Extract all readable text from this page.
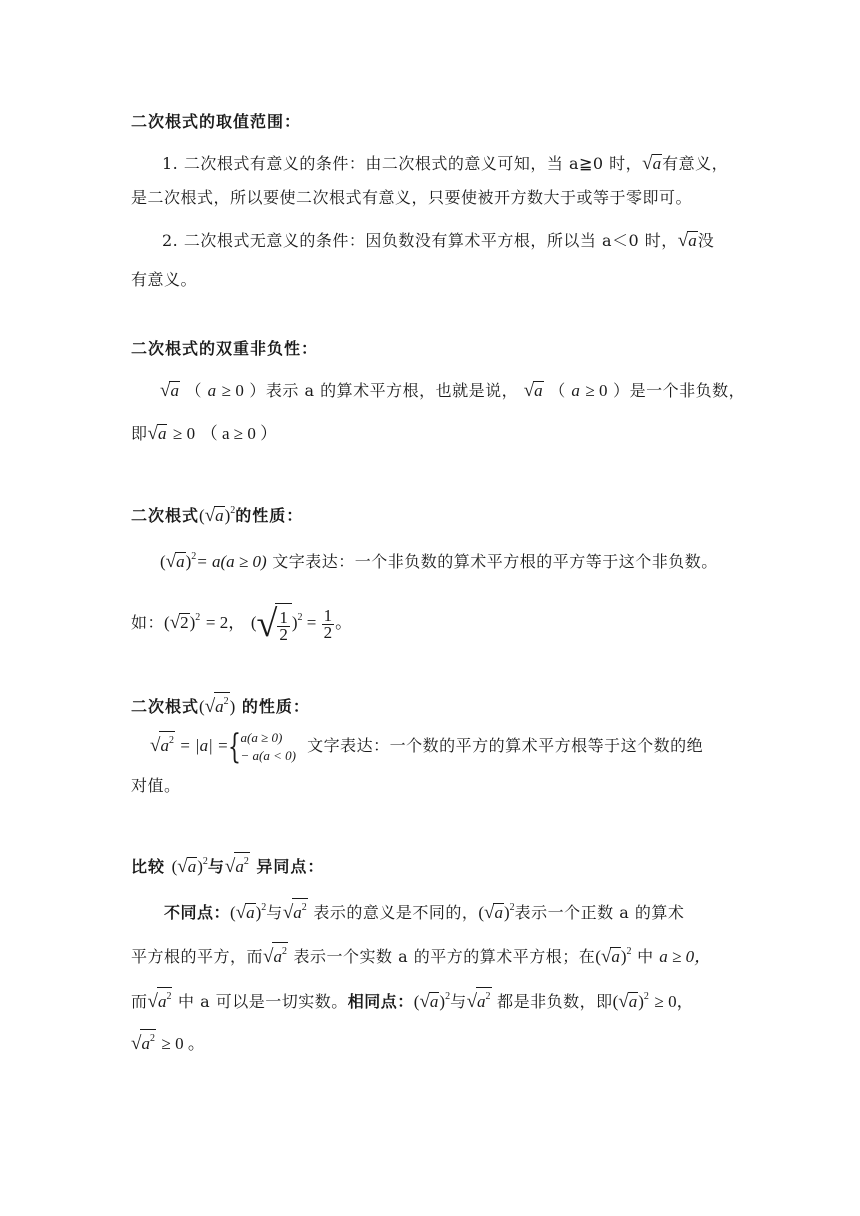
二次根式的取值范围：
1. 二次根式有意义的条件：由二次根式的意义可知，当 a≧0 时，√a有意义，
是二次根式，所以要使二次根式有意义，只要使被开方数大于或等于零即可。
2. 二次根式无意义的条件：因负数没有算术平方根，所以当 a＜0 时，√a没
有意义。
二次根式的双重非负性：
√a （ a ≥ 0 ）表示 a 的算术平方根，也就是说， √a （ a ≥ 0 ）是一个非负数，
即√a ≥ 0 （ a ≥ 0 ）
二次根式$(√a)^2$的性质：
$(√a)^2= a(a \ge 0)$ 文字表达：一个非负数的算术平方根的平方等于这个非负数。
如：$(√2)^2 = 2$， (√ $\frac{1}{2} )^2 = \frac{1}{2}$ 。
二次根式$(√a^2)$ 的性质：
$√a^2 = |a|$ = { a(a ≥ 0)
− a(a < 0) 文字表达：一个数的平方的算术平方根等于这个数的绝
对值。
比较 $(√a)^2$与$√a^2$ 异同点：
不同点：$(√a)^2$与$√a^2$ 表示的意义是不同的，$(√a)^2$表示一个正数 a 的算术
平方根的平方，而$√a^2$ 表示一个实数 a 的平方的算术平方根；在$(√a)^2$ 中 a ≥ 0，
而$√a^2$ 中 a 可以是一切实数。相同点：$(√a)^2$与$√a^2$ 都是非负数，即$(√a)^2 \ge 0$，
$√a^2 \ge 0$ 。
